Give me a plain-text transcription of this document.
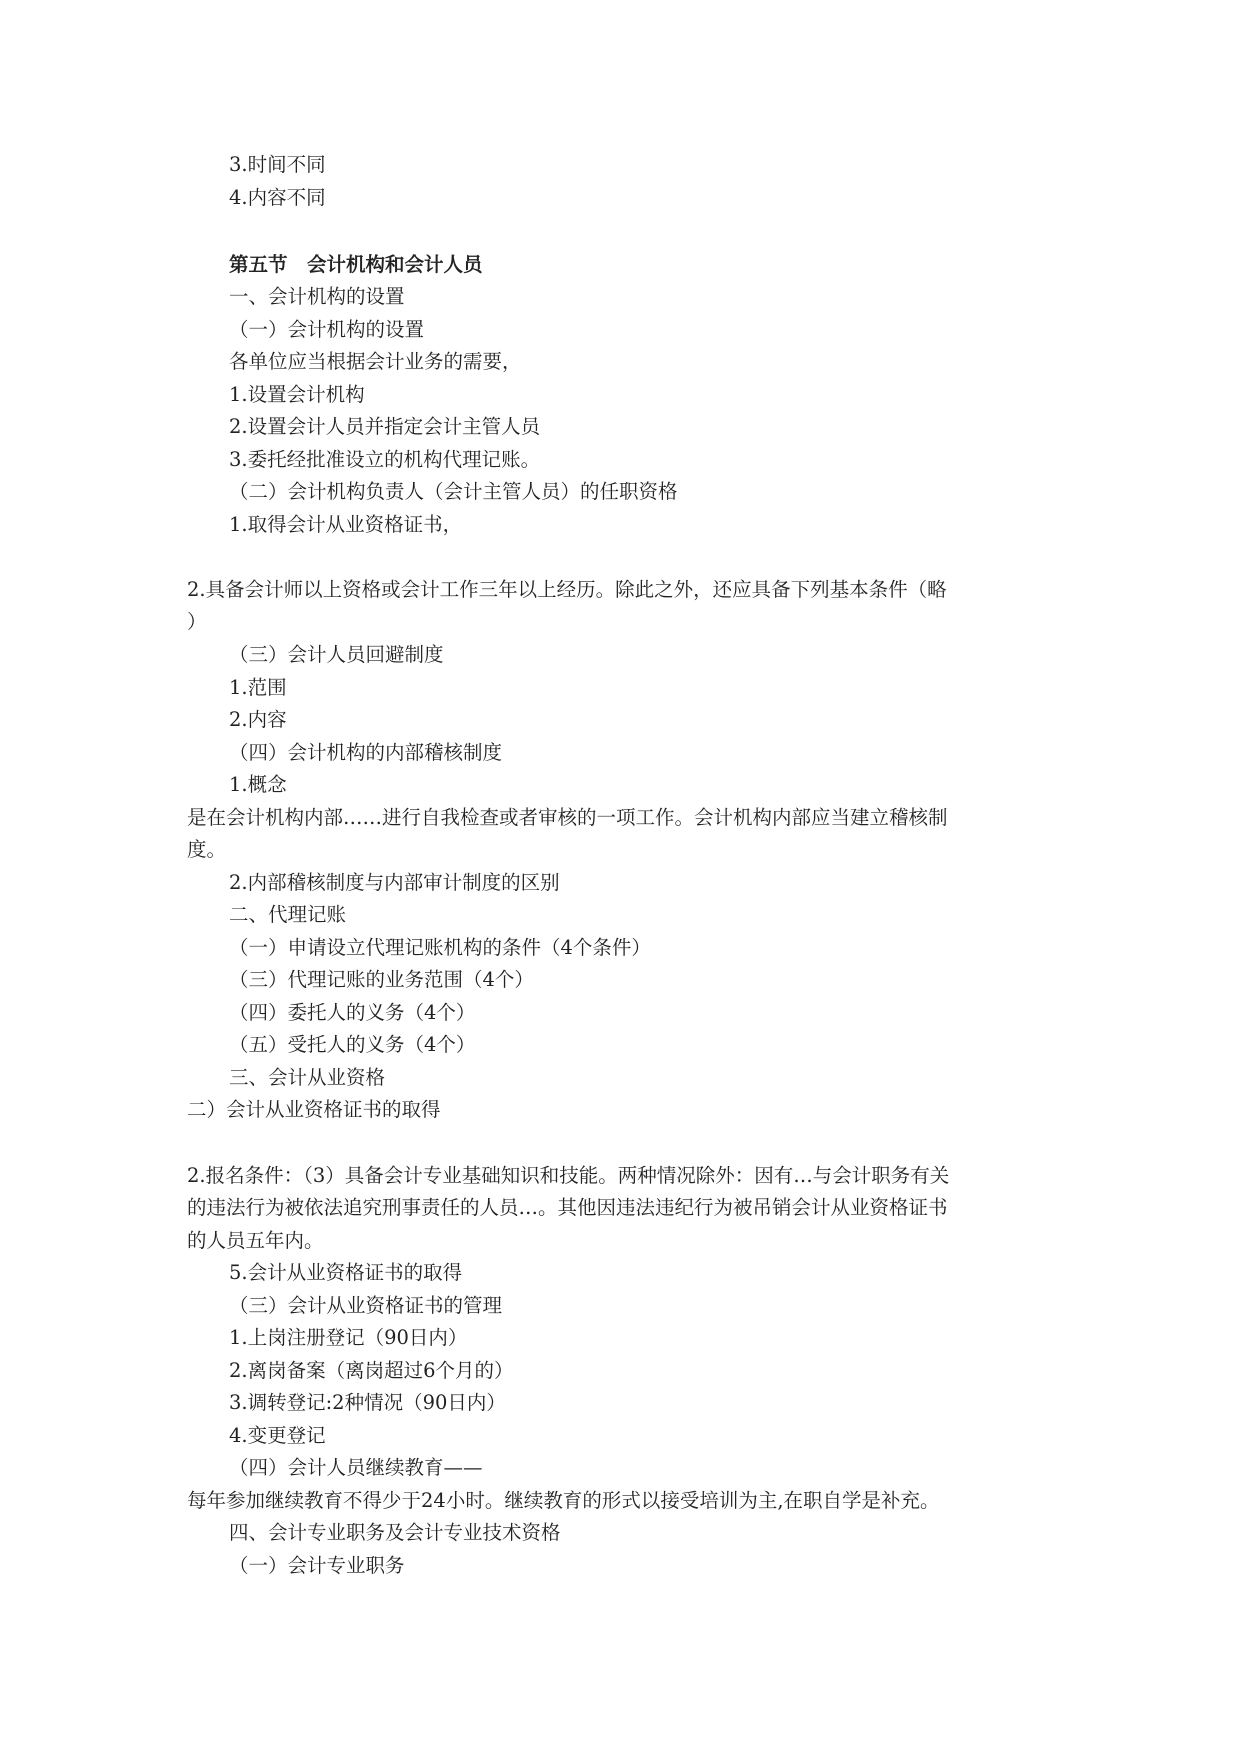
3.时间不同
4.内容不同
第五节　会计机构和会计人员
一、会计机构的设置
（一）会计机构的设置
各单位应当根据会计业务的需要，
1.设置会计机构
2.设置会计人员并指定会计主管人员
3.委托经批准设立的机构代理记账。
（二）会计机构负责人（会计主管人员）的任职资格
1.取得会计从业资格证书，
2.具备会计师以上资格或会计工作三年以上经历。除此之外，还应具备下列基本条件（略
）
（三）会计人员回避制度
1.范围
2.内容
（四）会计机构的内部稽核制度
1.概念
是在会计机构内部……进行自我检查或者审核的一项工作。会计机构内部应当建立稽核制
度。
2.内部稽核制度与内部审计制度的区别
二、代理记账
（一）申请设立代理记账机构的条件（4个条件）
（三）代理记账的业务范围（4个）
（四）委托人的义务（4个）
（五）受托人的义务（4个）
三、会计从业资格
二）会计从业资格证书的取得
2.报名条件：（3）具备会计专业基础知识和技能。两种情况除外：因有…与会计职务有关
的违法行为被依法追究刑事责任的人员…。其他因违法违纪行为被吊销会计从业资格证书
的人员五年内。
5.会计从业资格证书的取得
（三）会计从业资格证书的管理
1.上岗注册登记（90日内）
2.离岗备案（离岗超过6个月的）
3.调转登记:2种情况（90日内）
4.变更登记
（四）会计人员继续教育——
每年参加继续教育不得少于24小时。继续教育的形式以接受培训为主,在职自学是补充。
四、会计专业职务及会计专业技术资格
（一）会计专业职务
